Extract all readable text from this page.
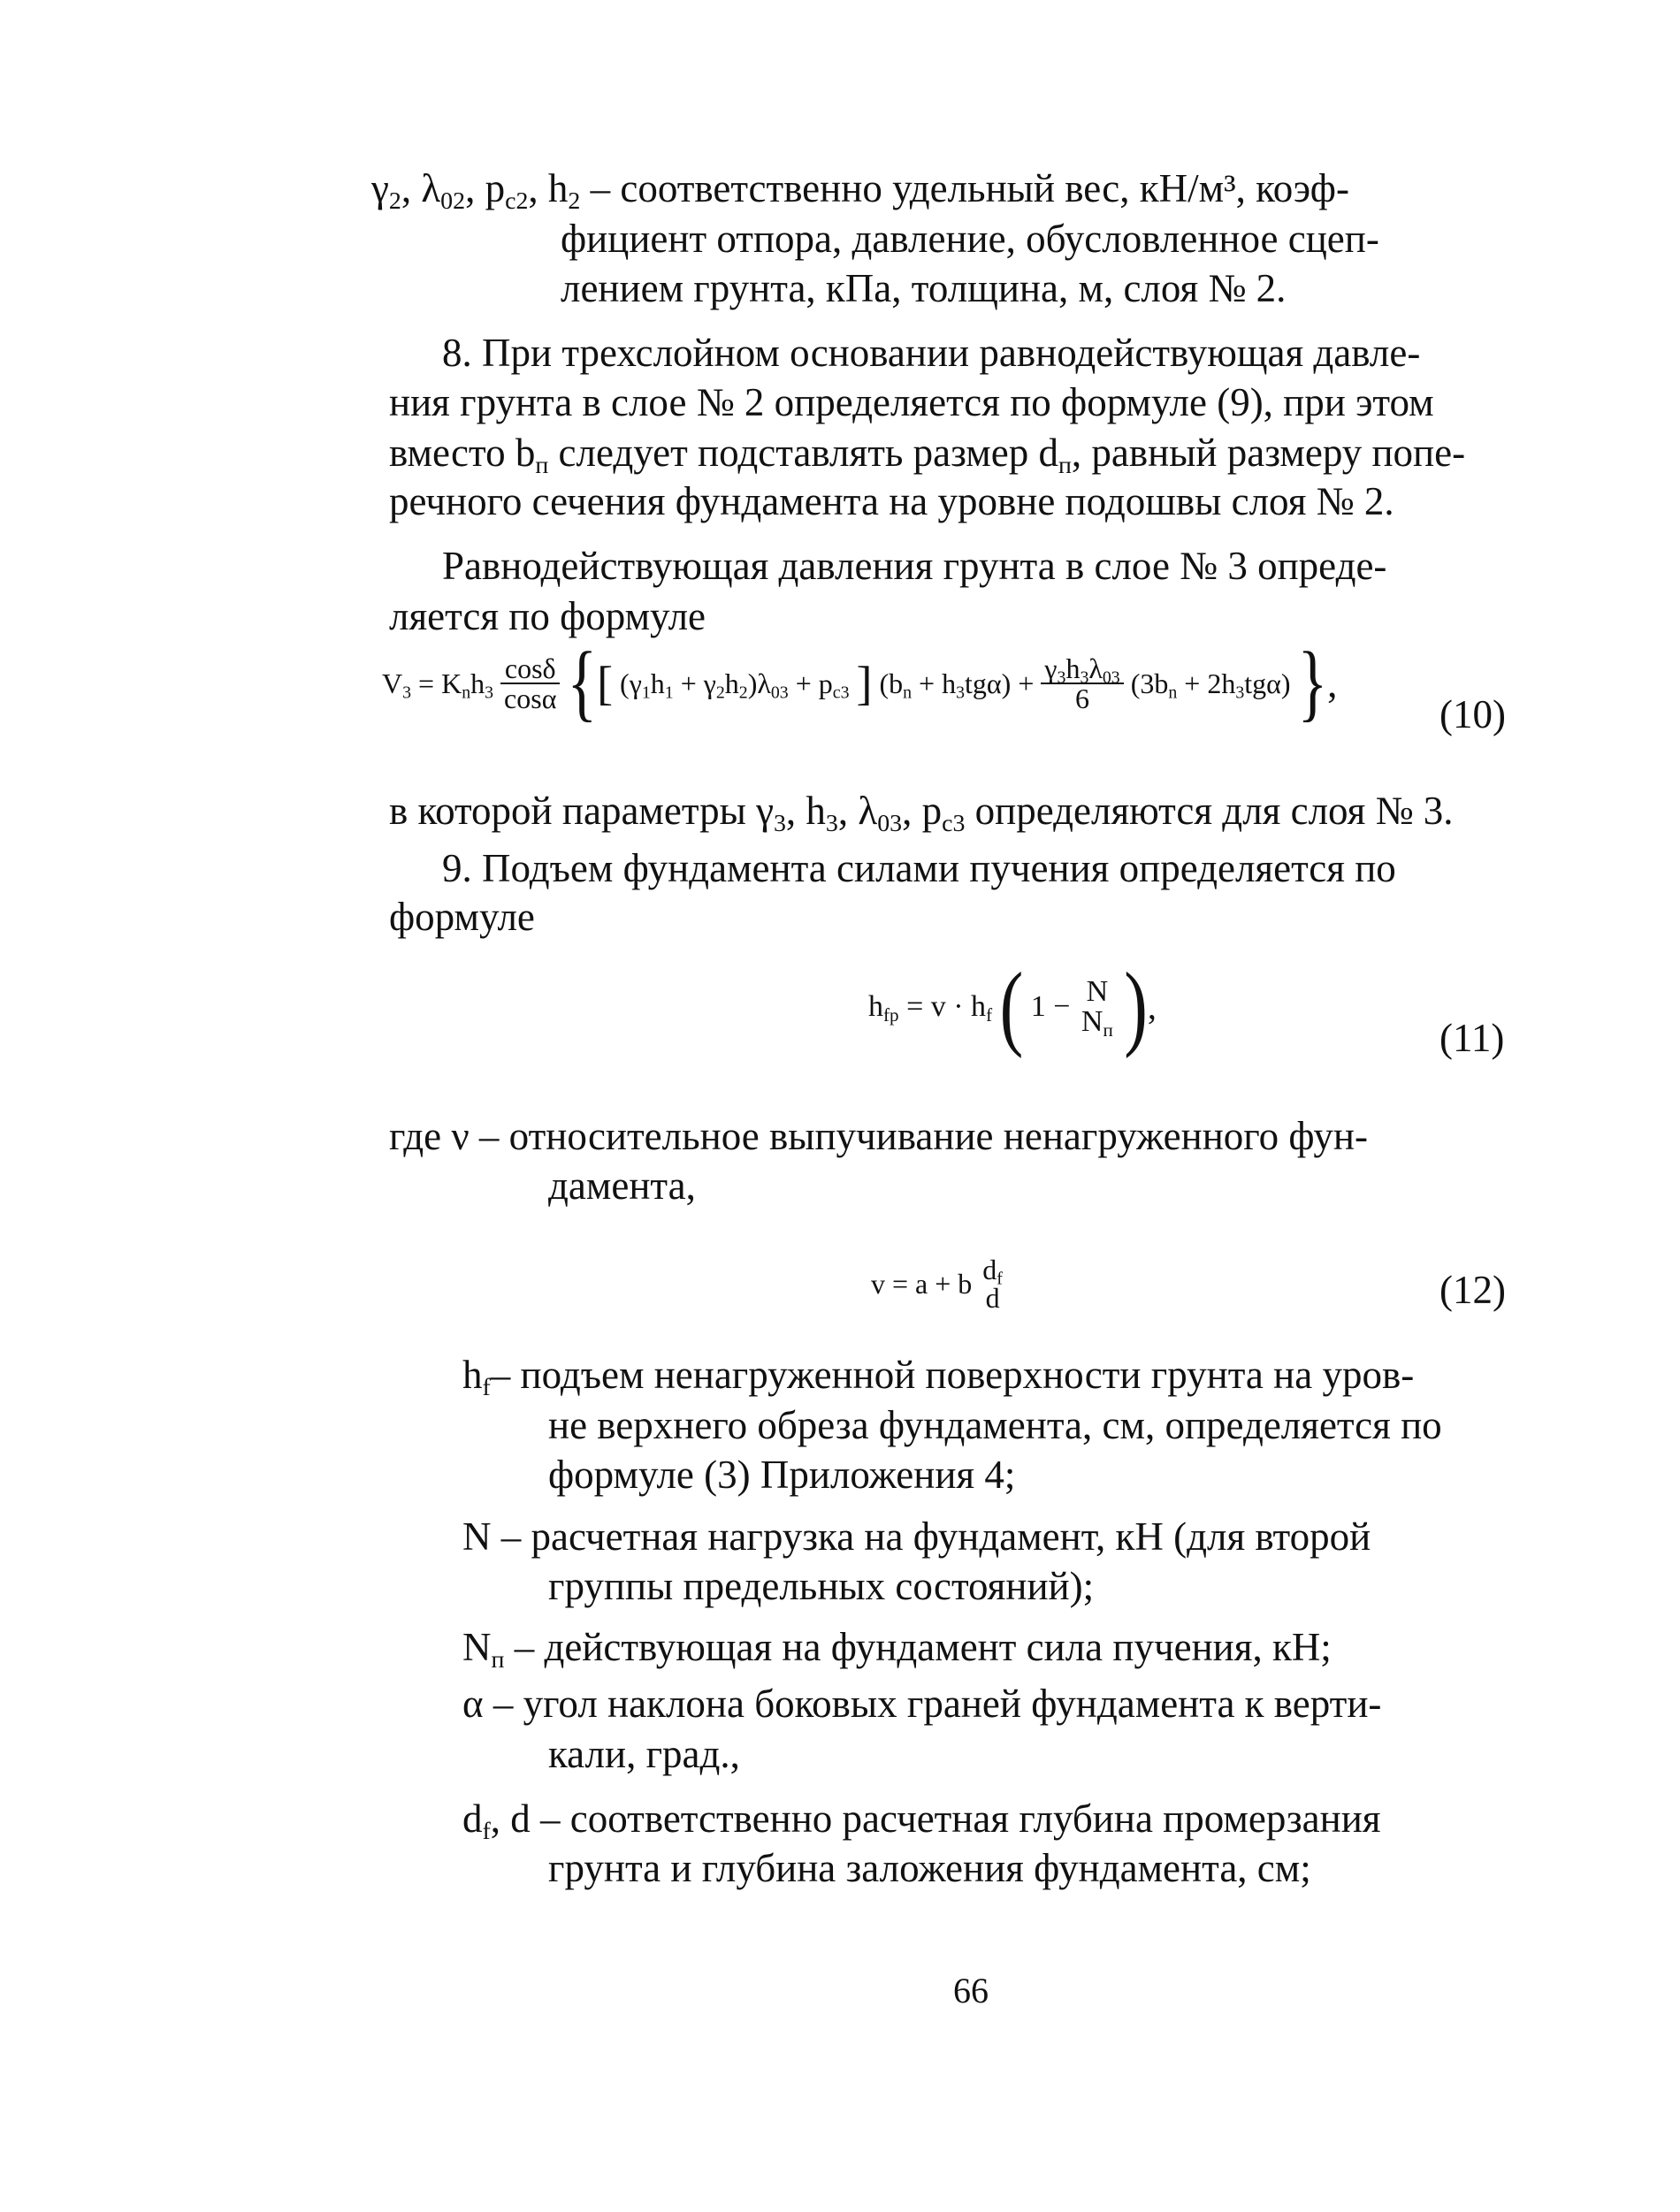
$\gamma_2$, $\lambda_{02}$, $p_{c2}$, $h_2$ – соответственно удельный вес, кН/м³, коэф-
фициент отпора, давление, обусловленное сцеп-
лением грунта, кПа, толщина, м, слоя № 2.
8. При трехслойном основании равнодействующая давле-
ния грунта в слое № 2 определяется по формуле (9), при этом
вместо $b_п$ следует подставлять размер $d_п$, равный размеру попе-
речного сечения фундамента на уровне подошвы слоя № 2.
Равнодействующая давления грунта в слое № 3 опреде-
ляется по формуле
$V_3 = K_nh_3 \frac{\cos\delta}{\cos\alpha}$ {[ $(\gamma_1h_1 + \gamma_2h_2)\lambda_{03} + p_{c3}$ ] $(b_n + h_3tg\alpha) + \frac{\gamma_3h_3\lambda_{03}}{6} (3b_n + 2h_3tg\alpha)$ },
(10)
в которой параметры $\gamma_3$, $h_3$, $\lambda_{03}$, $p_{c3}$ определяются для слоя № 3.
9. Подъем фундамента силами пучения определяется по
формуле
$h_{fp} = v \cdot h_f$ ( 1 − N
$N_п$ ),
(11)
где ν – относительное выпучивание ненагруженного фун-
дамента,
v = a + b $d_f$
d	(12)
$h_f-$ подъем ненагруженной поверхности грунта на уров-
не верхнего обреза фундамента, см, определяется по
формуле (3) Приложения 4;
N – расчетная нагрузка на фундамент, кН (для второй
группы предельных состояний);
$N_п$ – действующая на фундамент сила пучения, кН;
α – угол наклона боковых граней фундамента к верти-
кали, град.,
$d_f$, d – соответственно расчетная глубина промерзания
грунта и глубина заложения фундамента, см;
66
